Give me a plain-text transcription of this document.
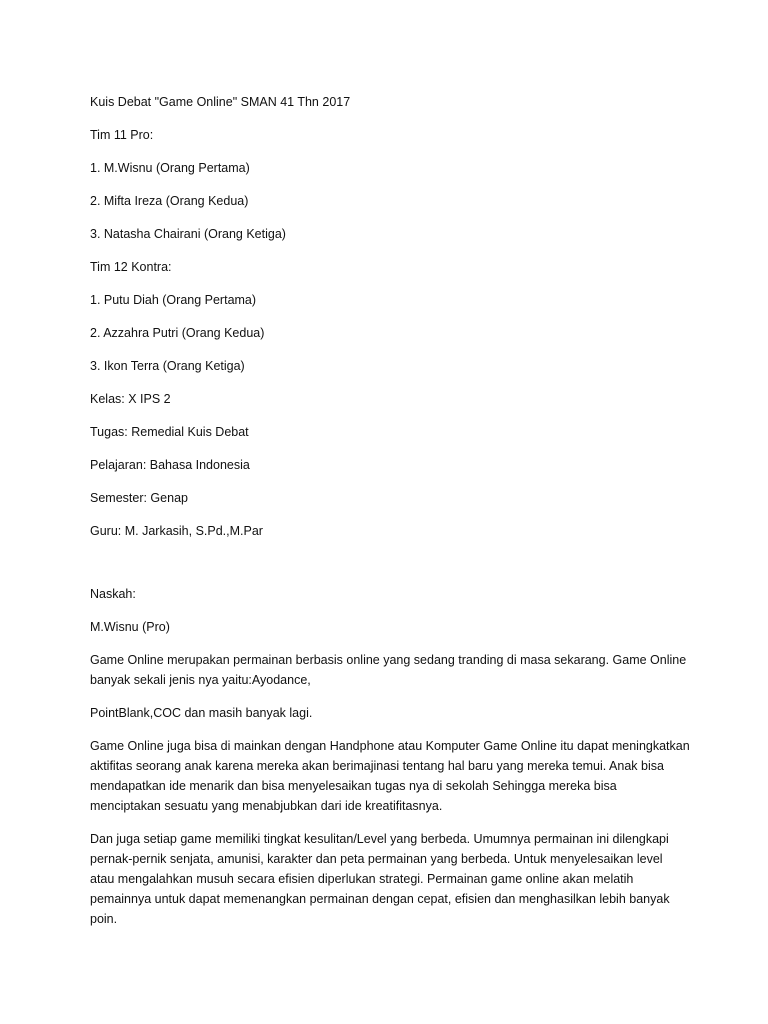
Kuis Debat "Game Online" SMAN 41 Thn 2017

Tim 11 Pro:

1. M.Wisnu (Orang Pertama)

2. Mifta Ireza (Orang Kedua)

3. Natasha Chairani (Orang Ketiga)

Tim 12 Kontra:

1. Putu Diah (Orang Pertama)

2. Azzahra Putri (Orang Kedua)

3. Ikon Terra (Orang Ketiga)

Kelas: X IPS 2

Tugas: Remedial Kuis Debat

Pelajaran: Bahasa Indonesia

Semester: Genap

Guru: M. Jarkasih, S.Pd.,M.Par

Naskah:

M.Wisnu (Pro)

Game Online merupakan permainan berbasis online yang sedang tranding di masa sekarang. Game Online banyak sekali jenis nya yaitu:Ayodance,

PointBlank,COC dan masih banyak lagi.

Game Online juga bisa di mainkan dengan Handphone atau Komputer Game Online itu dapat meningkatkan aktifitas seorang anak karena mereka akan berimajinasi tentang hal baru yang mereka temui. Anak bisa mendapatkan ide menarik dan bisa menyelesaikan tugas nya di sekolah Sehingga mereka bisa menciptakan sesuatu yang menabjubkan dari ide kreatifitasnya.

Dan juga setiap game memiliki tingkat kesulitan/Level yang berbeda. Umumnya permainan ini dilengkapi pernak-pernik senjata, amunisi, karakter dan peta permainan yang berbeda. Untuk menyelesaikan level atau mengalahkan musuh secara efisien diperlukan strategi. Permainan game online akan melatih pemainnya untuk dapat memenangkan permainan dengan cepat, efisien dan menghasilkan lebih banyak poin.
